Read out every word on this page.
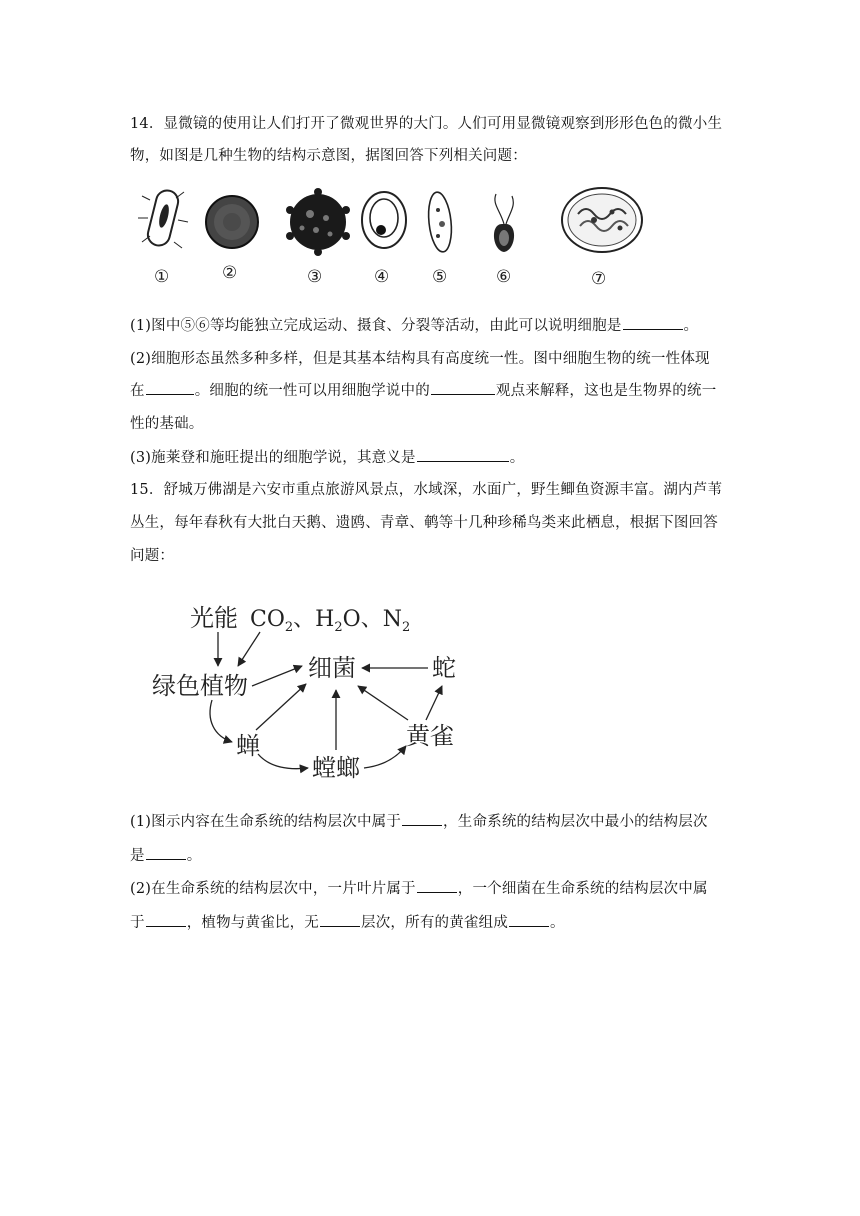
14．显微镜的使用让人们打开了微观世界的大门。人们可用显微镜观察到形形色色的微小生
物，如图是几种生物的结构示意图，据图回答下列相关问题：
①	②	③	④	⑤	⑥	⑦
(1)图中⑤⑥等均能独立完成运动、摄食、分裂等活动，由此可以说明细胞是	。
(2)细胞形态虽然多种多样，但是其基本结构具有高度统一性。图中细胞生物的统一性体现
在	。细胞的统一性可以用细胞学说中的	观点来解释，这也是生物界的统一
性的基础。
(3)施莱登和施旺提出的细胞学说，其意义是	。
15．舒城万佛湖是六安市重点旅游风景点，水域深，水面广，野生鲫鱼资源丰富。湖内芦苇
丛生，每年春秋有大批白天鹅、遗鸥、青章、鹌等十几种珍稀鸟类来此栖息，根据下图回答
问题：
光能 $CO_2$、$H_2O$、$N_2$
绿色植物
细菌	蛇
蝉
螳螂
黄雀
(1)图示内容在生命系统的结构层次中属于	，生命系统的结构层次中最小的结构层次
是	。
(2)在生命系统的结构层次中，一片叶片属于	，一个细菌在生命系统的结构层次中属
于	，植物与黄雀比，无	层次，所有的黄雀组成	。
